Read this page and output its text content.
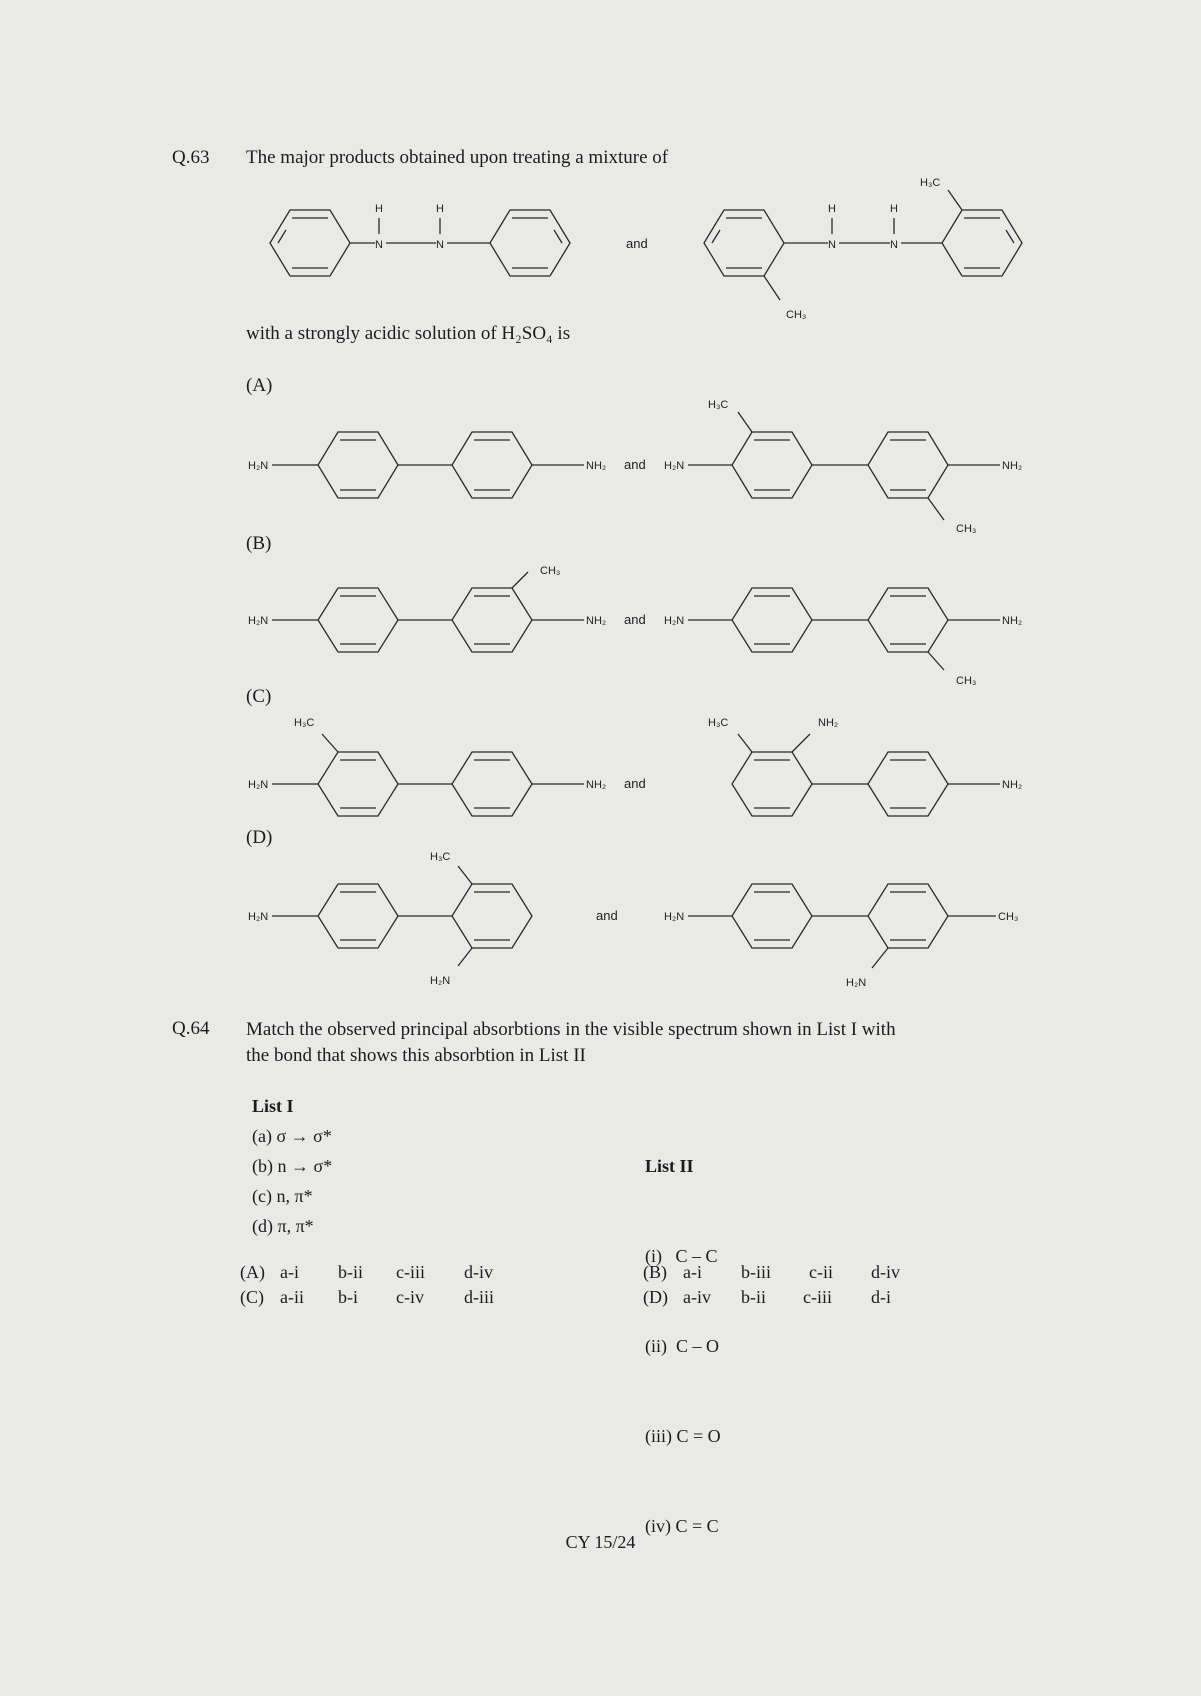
Q.63 The major products obtained upon treating a mixture of
with a strongly acidic solution of H₂SO₄ is
(A)
(B)
(C)
(D)
N	N
H	H
and
CH₃
N	N
H	H
H₃C
H₂N	NH₂ and H₂N
H₃C
CH₃
NH₂
H₂N
CH₃
NH₂ and H₂N
CH₃
NH₂
H₂N
H₃C
NH₂ and
H₃C	NH₂
NH₂
H₂N
H₃C
H₂N
and	H₂N
H₂N
CH₃
Q.64 Match the observed principal absorbtions in the visible spectrum shown in List I with
the bond that shows this absorbtion in List II
List I
(a) σ → σ*
(b) n → σ*
(c) n, π*
(d) π, π*

List II

(i)   C – C

(ii)  C – O

(iii) C = O

(iv) C = C

(A) a-i b-ii c-iii d-iv	(B) a-i b-iii c-ii d-iv
(C) a-ii b-i c-iv d-iii	(D) a-iv b-ii c-iii d-i
CY 15/24
